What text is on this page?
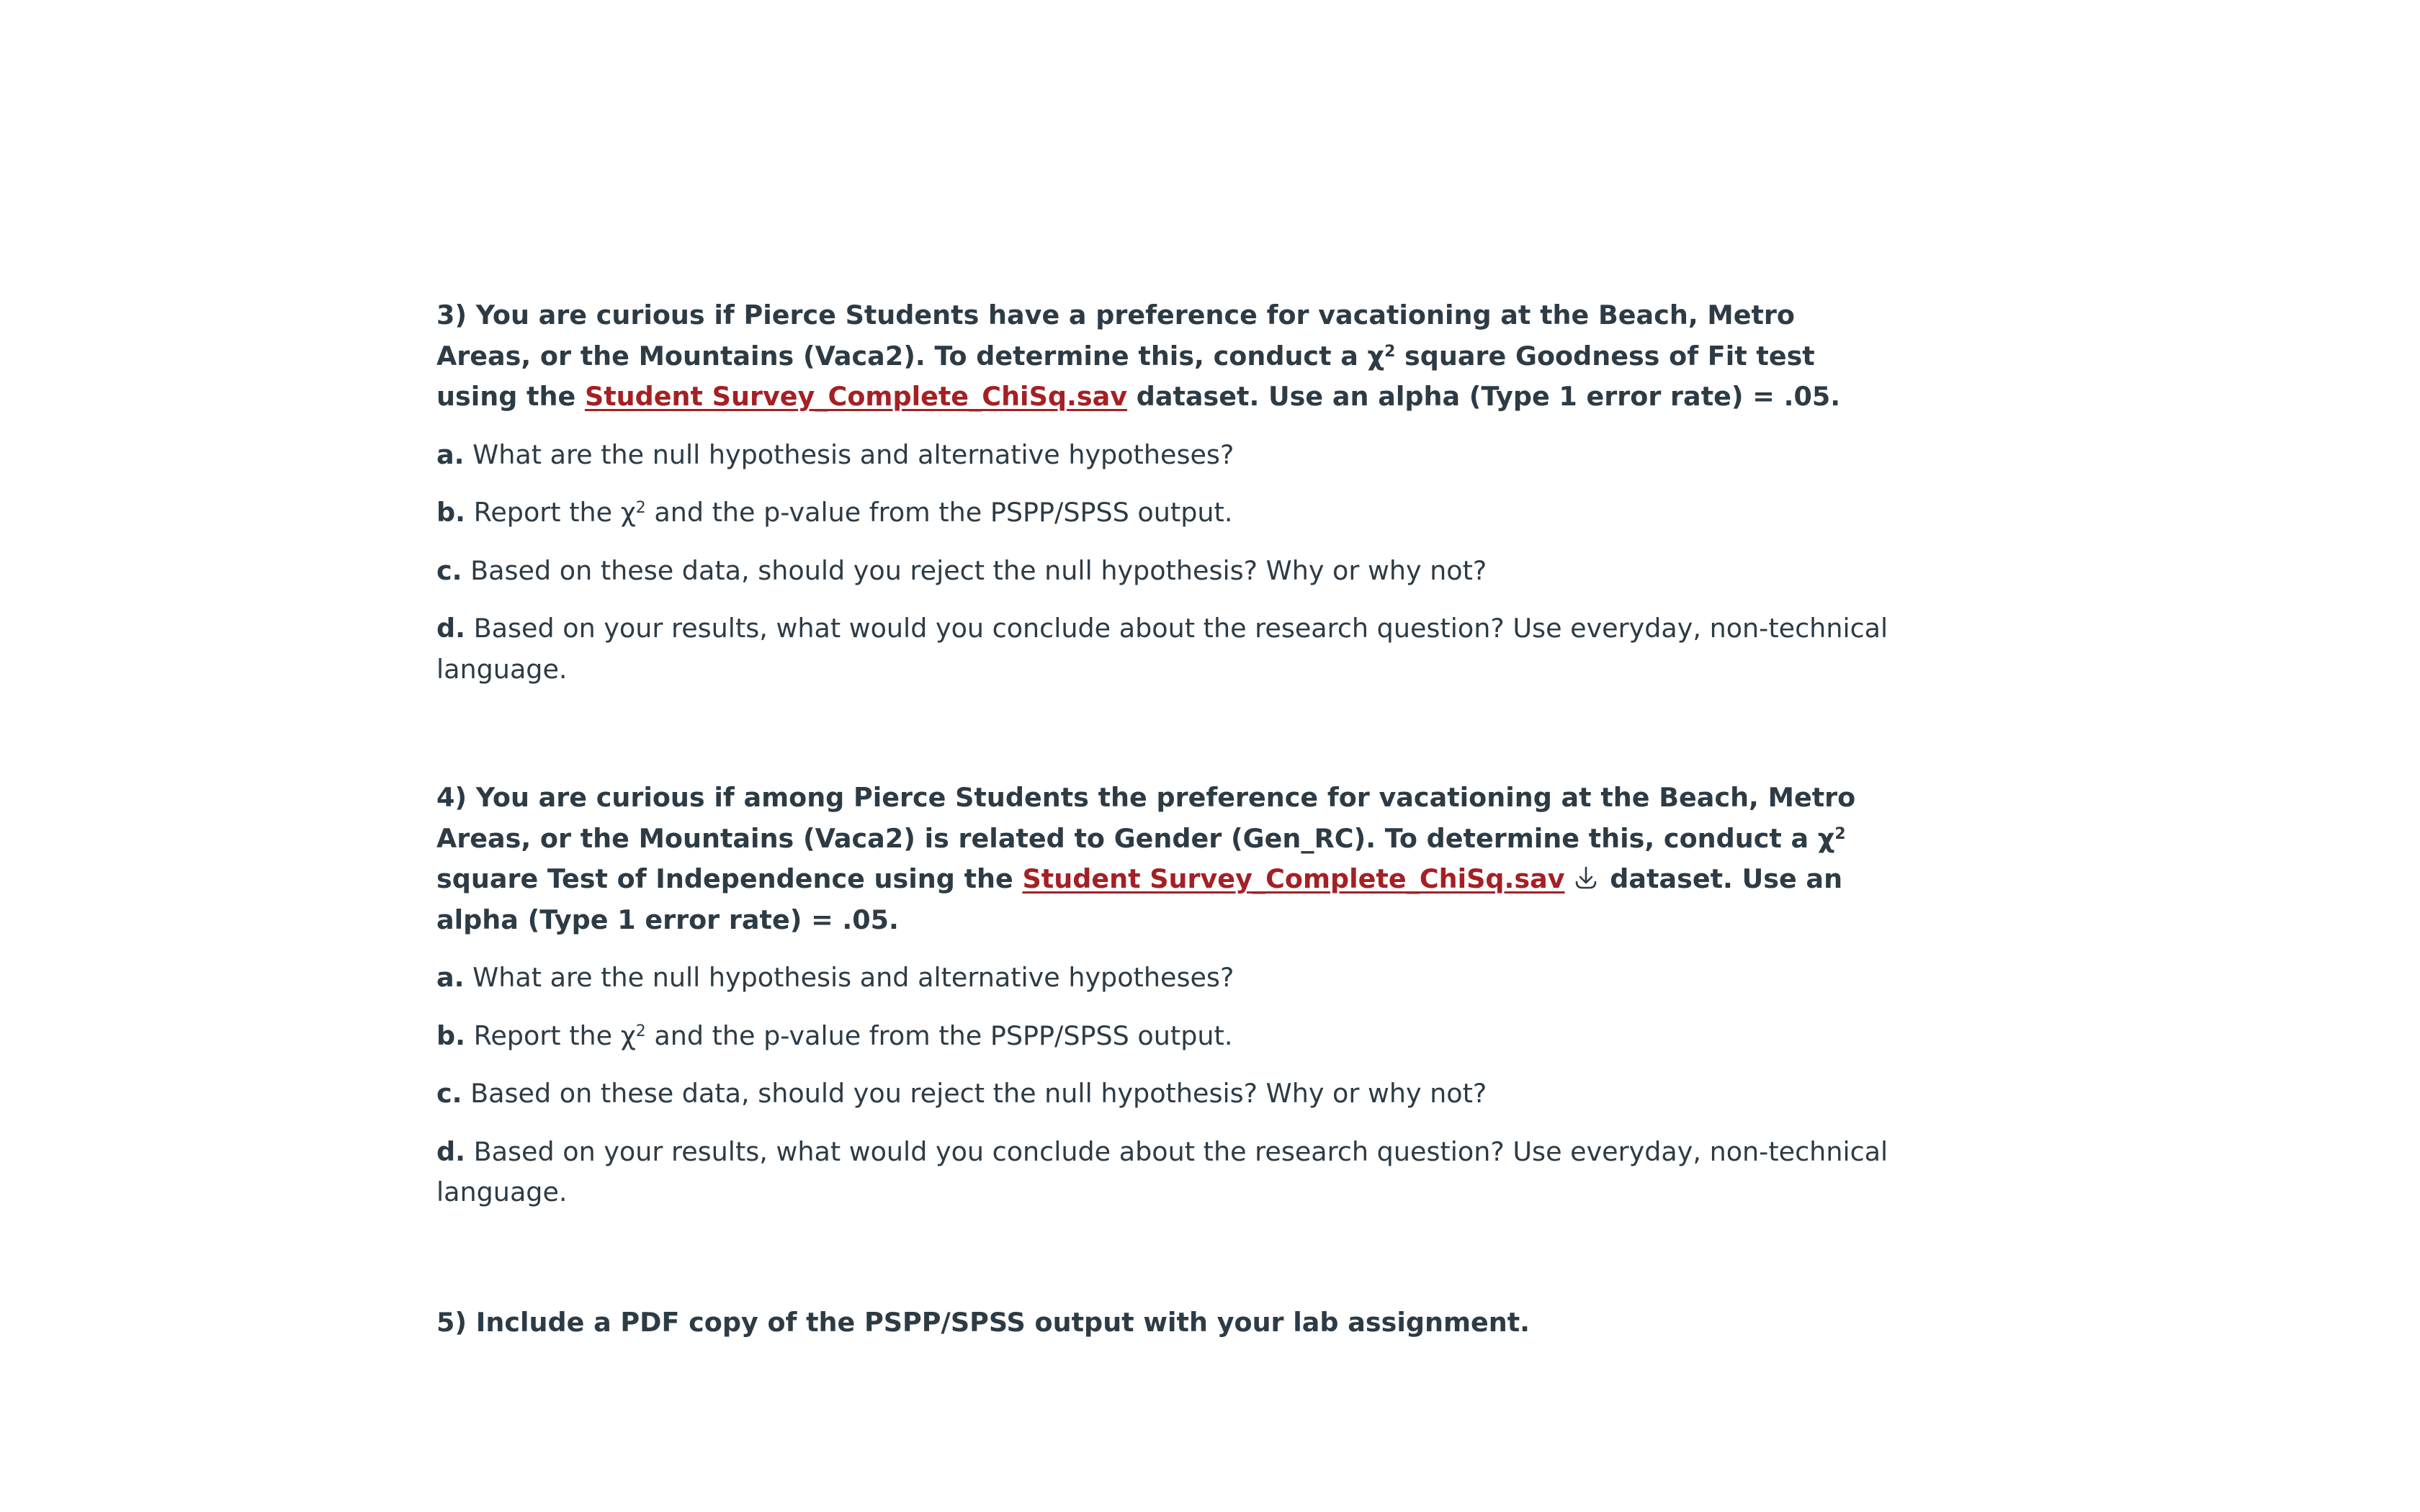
3) You are curious if Pierce Students have a preference for vacationing at the Beach, Metro Areas, or the Mountains (Vaca2). To determine this, conduct a $\chi^2$ square Goodness of Fit test using the Student Survey_Complete_ChiSq.sav dataset. Use an alpha (Type 1 error rate) = .05.

a. What are the null hypothesis and alternative hypotheses?

b. Report the $\chi^2$ and the p-value from the PSPP/SPSS output.

c. Based on these data, should you reject the null hypothesis? Why or why not?

d. Based on your results, what would you conclude about the research question? Use everyday, non-technical language.

4) You are curious if among Pierce Students the preference for vacationing at the Beach, Metro Areas, or the Mountains (Vaca2) is related to Gender (Gen_RC). To determine this, conduct a $\chi^2$ square Test of Independence using the Student Survey_Complete_ChiSq.sav
dataset. Use an alpha (Type 1 error rate) = .05.

a. What are the null hypothesis and alternative hypotheses?

b. Report the $\chi^2$ and the p-value from the PSPP/SPSS output.

c. Based on these data, should you reject the null hypothesis? Why or why not?

d. Based on your results, what would you conclude about the research question? Use everyday, non-technical language.

5) Include a PDF copy of the PSPP/SPSS output with your lab assignment.
